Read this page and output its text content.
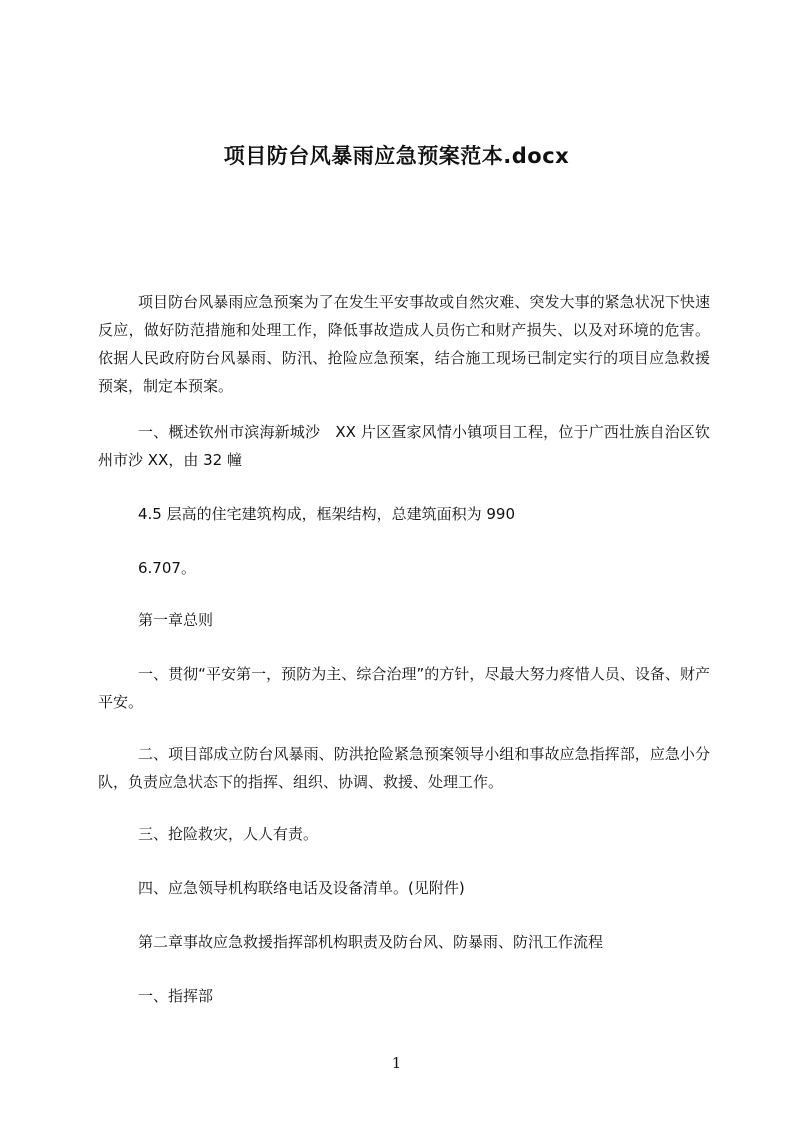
项目防台风暴雨应急预案范本.docx

项目防台风暴雨应急预案为了在发生平安事故或自然灾难、突发大事的紧急状况下快速反应，做好防范措施和处理工作，降低事故造成人员伤亡和财产损失、以及对环境的危害。依据人民政府防台风暴雨、防汛、抢险应急预案，结合施工现场已制定实行的项目应急救援预案，制定本预案。

一、概述钦州市滨海新城沙　XX 片区疍家风情小镇项目工程，位于广西壮族自治区钦州市沙 XX，由 32 幢

4.5 层高的住宅建筑构成，框架结构，总建筑面积为 990

6.707。

第一章总则

一、贯彻“平安第一，预防为主、综合治理”的方针，尽最大努力疼惜人员、设备、财产平安。

二、项目部成立防台风暴雨、防洪抢险紧急预案领导小组和事故应急指挥部，应急小分队，负责应急状态下的指挥、组织、协调、救援、处理工作。

三、抢险救灾，人人有责。

四、应急领导机构联络电话及设备清单。(见附件)

第二章事故应急救援指挥部机构职责及防台风、防暴雨、防汛工作流程

一、指挥部

1
